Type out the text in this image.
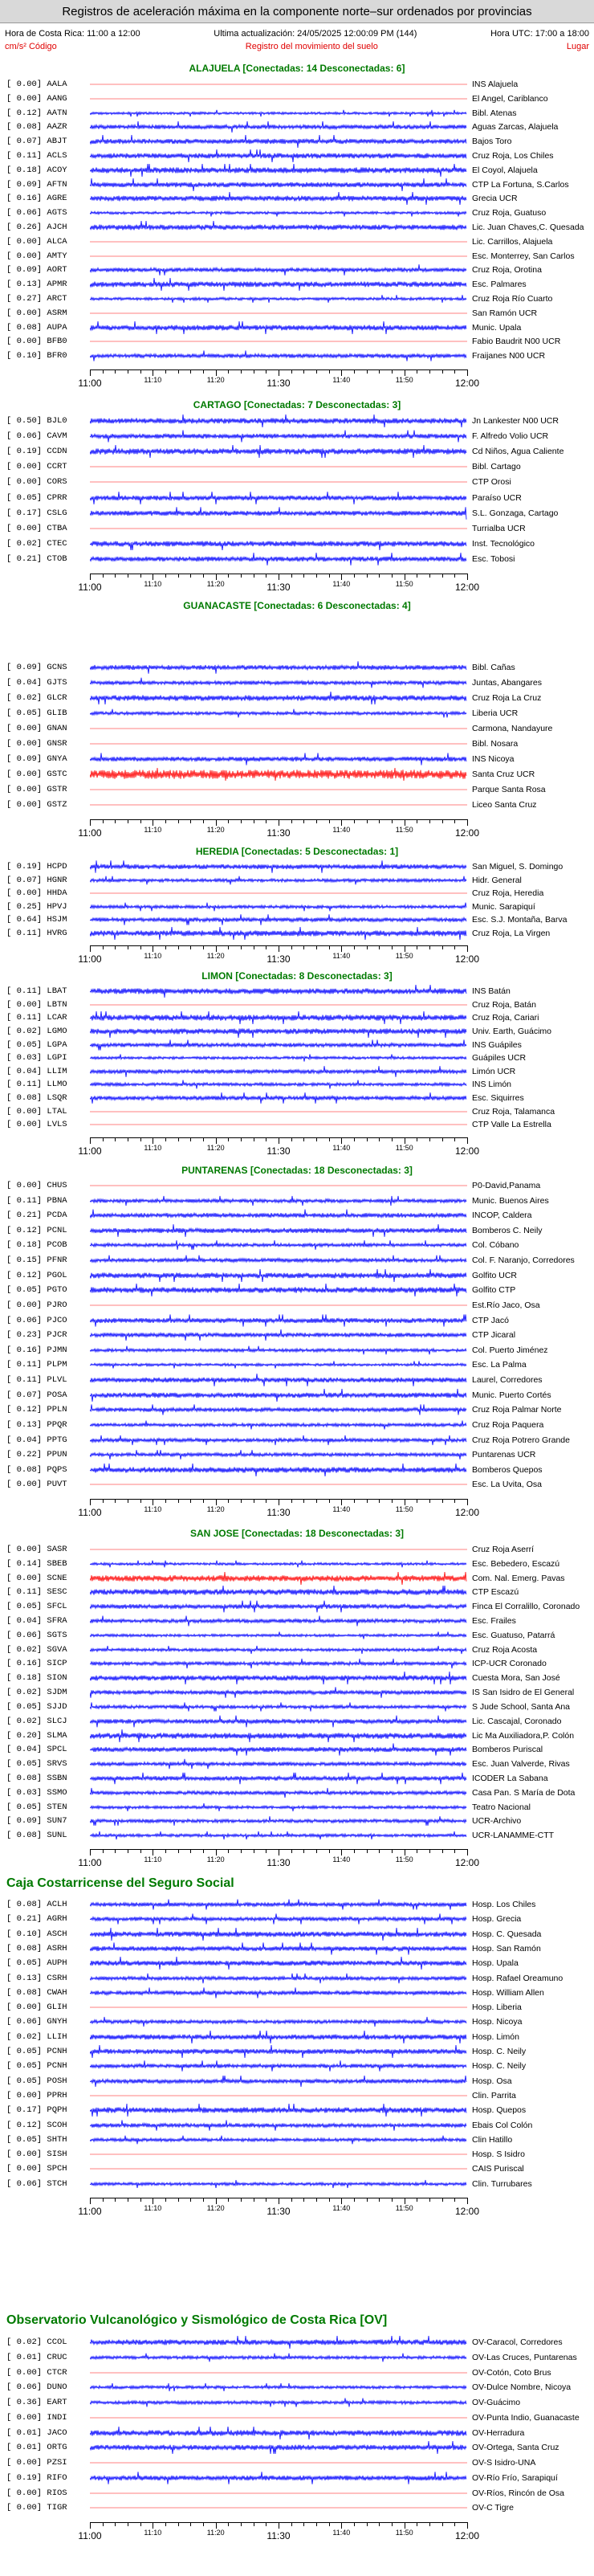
Registros de aceleración máxima en la componente norte–sur ordenados por provincias
Hora de Costa Rica: 11:00 a 12:00	Ultima actualización: 24/05/2025 12:00:09 PM (144)	Hora UTC: 17:00 a 18:00
cm/s² Código	Registro del movimiento del suelo	Lugar
ALAJUELA [Conectadas: 14 Desconectadas: 6]
[ 0.00] AALA	INS Alajuela
[ 0.00] AANG	El Angel, Cariblanco
[ 0.12] AATN	Bibl. Atenas
[ 0.08] AAZR	Aguas Zarcas, Alajuela
[ 0.07] ABJT	Bajos Toro
[ 0.11] ACLS	Cruz Roja, Los Chiles
[ 0.18] ACOY	El Coyol, Alajuela
[ 0.09] AFTN	CTP La Fortuna, S.Carlos
[ 0.16] AGRE	Grecia UCR
[ 0.06] AGTS	Cruz Roja, Guatuso
[ 0.26] AJCH	Lic. Juan Chaves,C. Quesada
[ 0.00] ALCA	Lic. Carrillos, Alajuela
[ 0.00] AMTY	Esc. Monterrey, San Carlos
[ 0.09] AORT	Cruz Roja, Orotina
[ 0.13] APMR	Esc. Palmares
[ 0.27] ARCT	Cruz Roja Río Cuarto
[ 0.00] ASRM	San Ramón UCR
[ 0.08] AUPA	Munic. Upala
[ 0.00] BFB0	Fabio Baudrit N00 UCR
[ 0.10] BFR0	Fraijanes N00 UCR
11:00	11:10	11:20	11:30	11:40	11:50	12:00
CARTAGO [Conectadas: 7 Desconectadas: 3]
[ 0.50] BJL0	Jn Lankester N00 UCR
[ 0.06] CAVM	F. Alfredo Volio UCR
[ 0.19] CCDN	Cd Niños, Agua Caliente
[ 0.00] CCRT	Bibl. Cartago
[ 0.00] CORS	CTP Orosi
[ 0.05] CPRR	Paraíso UCR
[ 0.17] CSLG	S.L. Gonzaga, Cartago
[ 0.00] CTBA	Turrialba UCR
[ 0.02] CTEC	Inst. Tecnológico
[ 0.21] CTOB	Esc. Tobosi
11:00	11:10	11:20	11:30	11:40	11:50	12:00
GUANACASTE [Conectadas: 6 Desconectadas: 4]
[ 0.09] GCNS	Bibl. Cañas
[ 0.04] GJTS	Juntas, Abangares
[ 0.02] GLCR	Cruz Roja La Cruz
[ 0.05] GLIB	Liberia UCR
[ 0.00] GNAN	Carmona, Nandayure
[ 0.00] GNSR	Bibl. Nosara
[ 0.09] GNYA	INS Nicoya
[ 0.00] GSTC	Santa Cruz UCR
[ 0.00] GSTR	Parque Santa Rosa
[ 0.00] GSTZ	Liceo Santa Cruz
11:00	11:10	11:20	11:30	11:40	11:50	12:00
HEREDIA [Conectadas: 5 Desconectadas: 1]
[ 0.19] HCPD	San Miguel, S. Domingo
[ 0.07] HGNR	Hidr. General
[ 0.00] HHDA	Cruz Roja, Heredia
[ 0.25] HPVJ	Munic. Sarapiquí
[ 0.64] HSJM	Esc. S.J. Montaña, Barva
[ 0.11] HVRG	Cruz Roja, La Virgen
11:00	11:10	11:20	11:30	11:40	11:50	12:00
LIMON [Conectadas: 8 Desconectadas: 3]
[ 0.11] LBAT	INS Batán
[ 0.00] LBTN	Cruz Roja, Batán
[ 0.11] LCAR	Cruz Roja, Cariari
[ 0.02] LGMO	Univ. Earth, Guácimo
[ 0.05] LGPA	INS Guápiles
[ 0.03] LGPI	Guápiles UCR
[ 0.04] LLIM	Limón UCR
[ 0.11] LLMO	INS Limón
[ 0.08] LSQR	Esc. Siquirres
[ 0.00] LTAL	Cruz Roja, Talamanca
[ 0.00] LVLS	CTP Valle La Estrella
11:00	11:10	11:20	11:30	11:40	11:50	12:00
PUNTARENAS [Conectadas: 18 Desconectadas: 3]
[ 0.00] CHUS	P0-David,Panama
[ 0.11] PBNA	Munic. Buenos Aires
[ 0.21] PCDA	INCOP, Caldera
[ 0.12] PCNL	Bomberos C. Neily
[ 0.18] PCOB	Col. Cóbano
[ 0.15] PFNR	Col. F. Naranjo, Corredores
[ 0.12] PGOL	Golfito UCR
[ 0.05] PGTO	Golfito CTP
[ 0.00] PJRO	Est.Río Jaco, Osa
[ 0.06] PJCO	CTP Jacó
[ 0.23] PJCR	CTP Jicaral
[ 0.16] PJMN	Col. Puerto Jiménez
[ 0.11] PLPM	Esc. La Palma
[ 0.11] PLVL	Laurel, Corredores
[ 0.07] POSA	Munic. Puerto Cortés
[ 0.12] PPLN	Cruz Roja Palmar Norte
[ 0.13] PPQR	Cruz Roja Paquera
[ 0.04] PPTG	Cruz Roja Potrero Grande
[ 0.22] PPUN	Puntarenas UCR
[ 0.08] PQPS	Bomberos Quepos
[ 0.00] PUVT	Esc. La Uvita, Osa
11:00	11:10	11:20	11:30	11:40	11:50	12:00
SAN JOSE [Conectadas: 18 Desconectadas: 3]
[ 0.00] SASR	Cruz Roja Aserrí
[ 0.14] SBEB	Esc. Bebedero, Escazú
[ 0.00] SCNE	Com. Nal. Emerg. Pavas
[ 0.11] SESC	CTP Escazú
[ 0.05] SFCL	Finca El Corralillo, Coronado
[ 0.04] SFRA	Esc. Frailes
[ 0.06] SGTS	Esc. Guatuso, Patarrá
[ 0.02] SGVA	Cruz Roja Acosta
[ 0.16] SICP	ICP-UCR Coronado
[ 0.18] SION	Cuesta Mora, San José
[ 0.02] SJDM	IS San Isidro de El General
[ 0.05] SJJD	S Jude School, Santa Ana
[ 0.02] SLCJ	Lic. Cascajal, Coronado
[ 0.20] SLMA	Lic Ma Auxiliadora,P. Colón
[ 0.04] SPCL	Bomberos Puriscal
[ 0.05] SRVS	Esc. Juan Valverde, Rivas
[ 0.08] SSBN	ICODER La Sabana
[ 0.03] SSMO	Casa Pan. S María de Dota
[ 0.05] STEN	Teatro Nacional
[ 0.09] SUN7	UCR-Archivo
[ 0.08] SUNL	UCR-LANAMME-CTT
11:00	11:10	11:20	11:30	11:40	11:50	12:00
Caja Costarricense del Seguro Social
[ 0.08] ACLH	Hosp. Los Chiles
[ 0.21] AGRH	Hosp. Grecia
[ 0.10] ASCH	Hosp. C. Quesada
[ 0.08] ASRH	Hosp. San Ramón
[ 0.05] AUPH	Hosp. Upala
[ 0.13] CSRH	Hosp. Rafael Oreamuno
[ 0.08] CWAH	Hosp. William Allen
[ 0.00] GLIH	Hosp. Liberia
[ 0.06] GNYH	Hosp. Nicoya
[ 0.02] LLIH	Hosp. Limón
[ 0.05] PCNH	Hosp. C. Neily
[ 0.05] PCNH	Hosp. C. Neily
[ 0.05] POSH	Hosp. Osa
[ 0.00] PPRH	Clin. Parrita
[ 0.17] PQPH	Hosp. Quepos
[ 0.12] SCOH	Ebais Col Colón
[ 0.05] SHTH	Clin Hatillo
[ 0.00] SISH	Hosp. S Isidro
[ 0.00] SPCH	CAIS Puriscal
[ 0.06] STCH	Clin. Turrubares
11:00	11:10	11:20	11:30	11:40	11:50	12:00
Observatorio Vulcanológico y Sismológico de Costa Rica [OV]
[ 0.02] CCOL	OV-Caracol, Corredores
[ 0.01] CRUC	OV-Las Cruces, Puntarenas
[ 0.00] CTCR	OV-Cotón, Coto Brus
[ 0.06] DUNO	OV-Dulce Nombre, Nicoya
[ 0.36] EART	OV-Guácimo
[ 0.00] INDI	OV-Punta Indio, Guanacaste
[ 0.01] JACO	OV-Herradura
[ 0.01] ORTG	OV-Ortega, Santa Cruz
[ 0.00] PZSI	OV-S Isidro-UNA
[ 0.19] RIFO	OV-Río Frío, Sarapiquí
[ 0.00] RIOS	OV-Ríos, Rincón de Osa
[ 0.00] TIGR	OV-C Tigre
11:00	11:10	11:20	11:30	11:40	11:50	12:00
